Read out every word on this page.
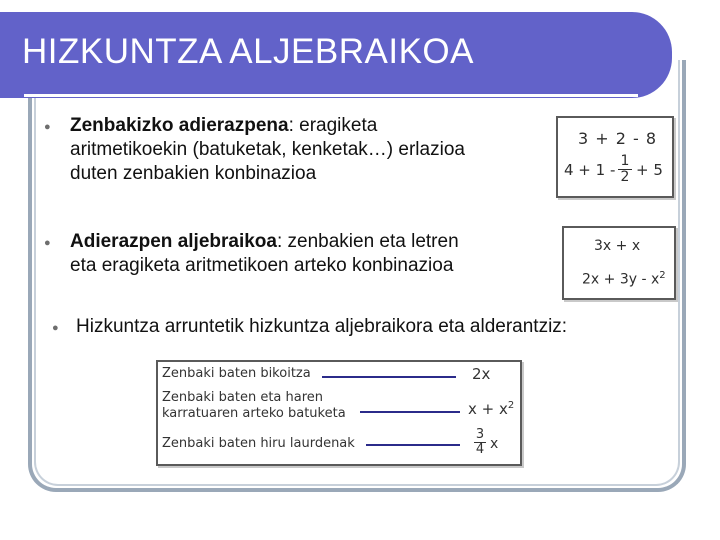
HIZKUNTZA ALJEBRAIKOA
● Zenbakizko adierazpena: eragiketa
aritmetikoekin (batuketak, kenketak…) erlazioa
duten zenbakien konbinazioa
3 + 2 - 8
4 + 1 - 1
2 + 5
● Adierazpen aljebraikoa: zenbakien eta letren
eta eragiketa aritmetikoen arteko konbinazioa
3x + x
$2x + 3y - x^2$
● Hizkuntza arruntetik hizkuntza aljebraikora eta alderantziz:
Zenbaki baten bikoitza	2x
Zenbaki baten eta haren
karratuaren arteko batuketa	$x + x^2$
Zenbaki baten hiru laurdenak
3
4 x
